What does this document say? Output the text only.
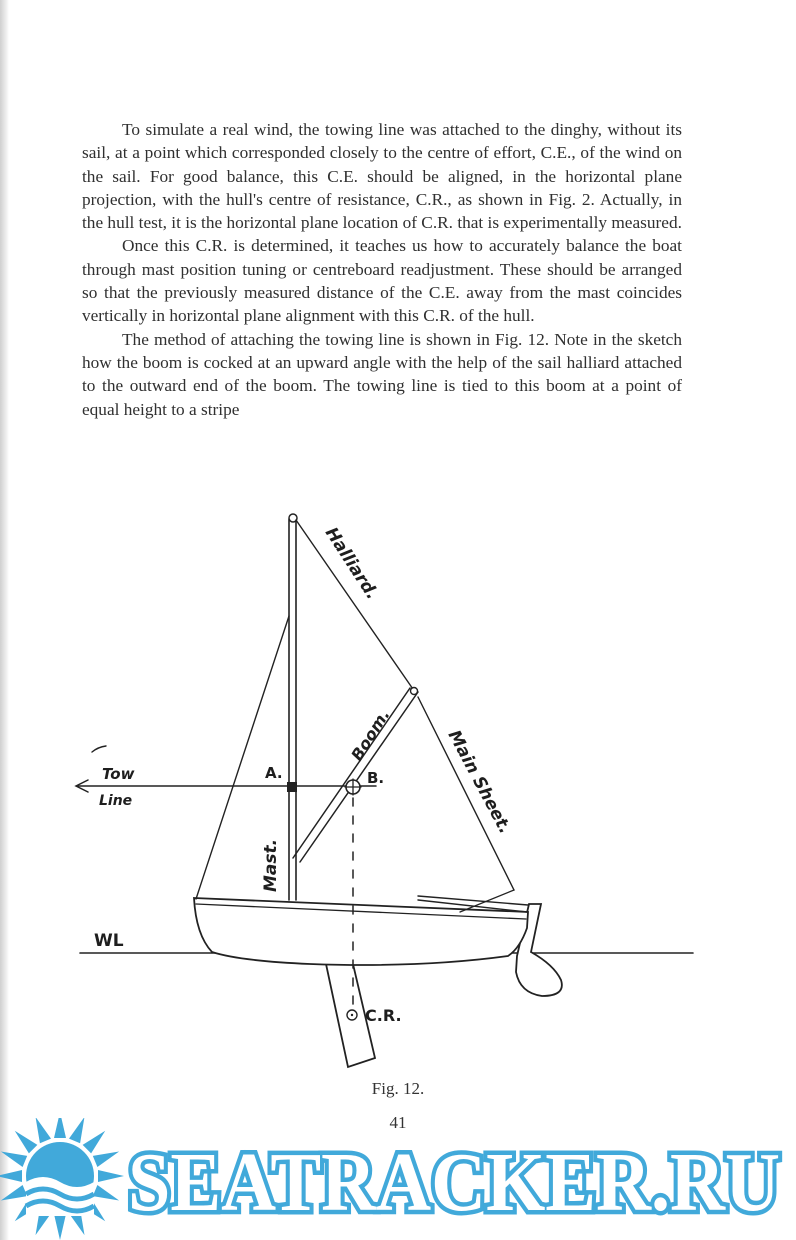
To simulate a real wind, the towing line was attached to the dinghy, without its sail, at a point which corresponded closely to the centre of effort, C.E., of the wind on the sail. For good balance, this C.E. should be aligned, in the horizontal plane projection, with the hull's centre of resistance, C.R., as shown in Fig. 2. Actually, in the hull test, it is the horizontal plane location of C.R. that is experimentally measured.

Once this C.R. is determined, it teaches us how to accurately balance the boat through mast position tuning or centreboard readjustment. These should be arranged so that the previously measured distance of the C.E. away from the mast coincides vertically in horizontal plane alignment with this C.R. of the hull.

The method of attaching the towing line is shown in Fig. 12. Note in the sketch how the boom is cocked at an upward angle with the help of the sail halliard attached to the outward end of the boom. The towing line is tied to this boom at a point of equal height to a stripe

Halliard.
Boom.	Main Sheet.
Mast.
Tow
Line
A.	B.
WL
C.R.
Fig. 12.
41
SEATRACKER.RU
